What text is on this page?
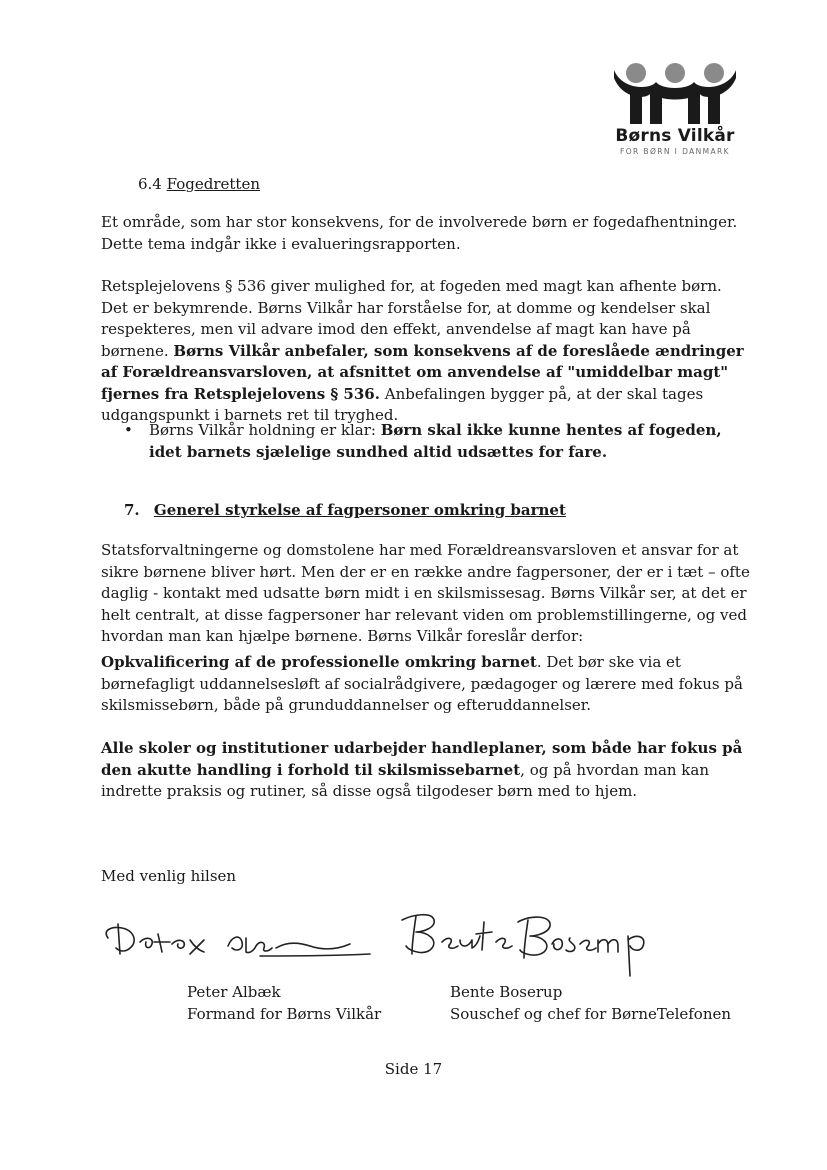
Børns Vilkår
FOR BØRN I DANMARK
6.4 Fogedretten

Et område, som har stor konsekvens, for de involverede børn er fogedafhentninger. Dette tema indgår ikke i evalueringsrapporten.

Retsplejelovens § 536 giver mulighed for, at fogeden med magt kan afhente børn. Det er bekymrende. Børns Vilkår har forståelse for, at domme og kendelser skal respekteres, men vil advare imod den effekt, anvendelse af magt kan have på børnene. Børns Vilkår anbefaler, som konsekvens af de foreslåede ændringer af Forældreansvarsloven, at afsnittet om anvendelse af "umiddelbar magt" fjernes fra Retsplejelovens § 536. Anbefalingen bygger på, at der skal tages udgangspunkt i barnets ret til tryghed.

• Børns Vilkår holdning er klar: Børn skal ikke kunne hentes af fogeden, idet barnets sjælelige sundhed altid udsættes for fare.

7. Generel styrkelse af fagpersoner omkring barnet

Statsforvaltningerne og domstolene har med Forældreansvarsloven et ansvar for at sikre børnene bliver hørt. Men der er en række andre fagpersoner, der er i tæt – ofte daglig - kontakt med udsatte børn midt i en skilsmissesag. Børns Vilkår ser, at det er helt centralt, at disse fagpersoner har relevant viden om problemstillingerne, og ved hvordan man kan hjælpe børnene. Børns Vilkår foreslår derfor:

Opkvalificering af de professionelle omkring barnet. Det bør ske via et børnefagligt uddannelsesløft af socialrådgivere, pædagoger og lærere med fokus på skilsmissebørn, både på grunduddannelser og efteruddannelser.

Alle skoler og institutioner udarbejder handleplaner, som både har fokus på den akutte handling i forhold til skilsmissebarnet, og på hvordan man kan indrette praksis og rutiner, så disse også tilgodeser børn med to hjem.

Med venlig hilsen

Peter Albæk

Formand for Børns Vilkår

Bente Boserup

Souschef og chef for BørneTelefonen

Side 17
